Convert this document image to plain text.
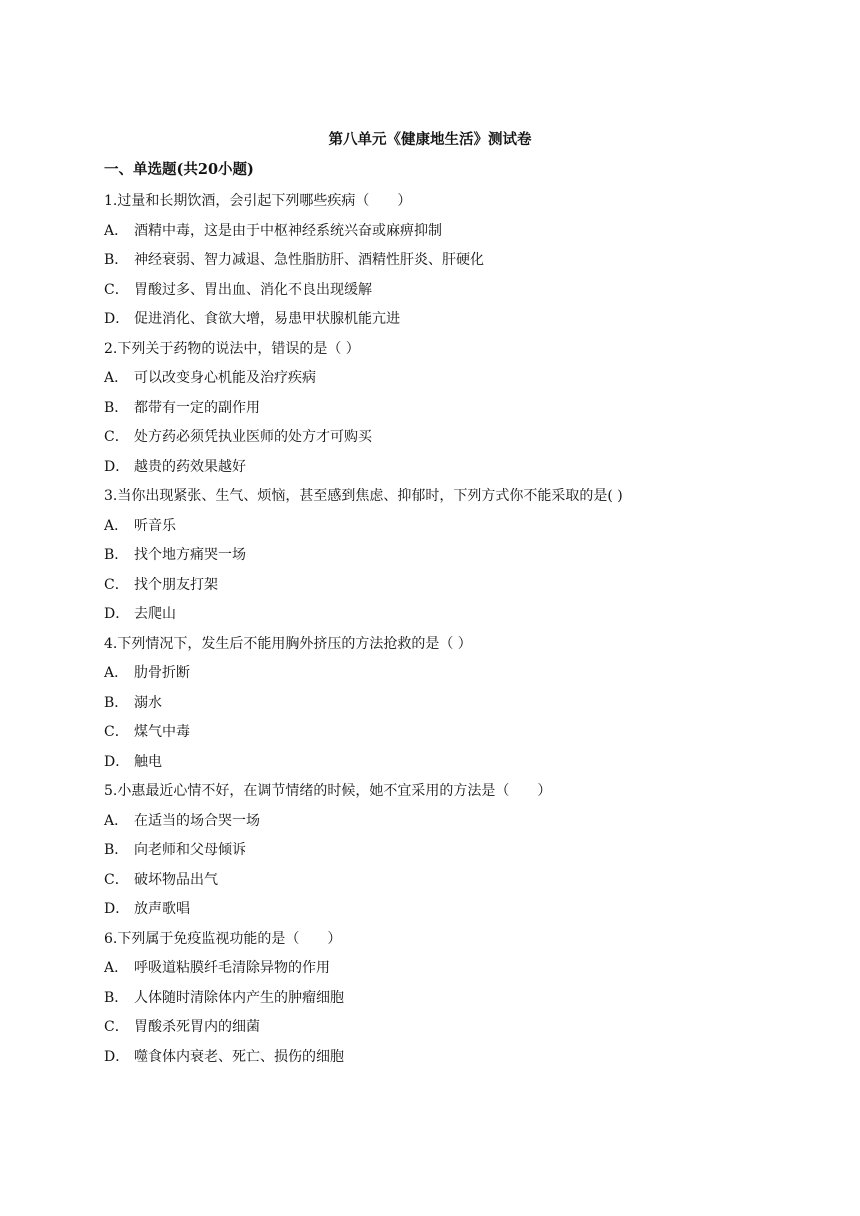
第八单元《健康地生活》测试卷
一、单选题(共20小题)
1.过量和长期饮酒，会引起下列哪些疾病（　　）
A． 酒精中毒，这是由于中枢神经系统兴奋或麻痹抑制
B． 神经衰弱、智力减退、急性脂肪肝、酒精性肝炎、肝硬化
C． 胃酸过多、胃出血、消化不良出现缓解
D． 促进消化、食欲大增，易患甲状腺机能亢进
2.下列关于药物的说法中，错误的是（ ）
A． 可以改变身心机能及治疗疾病
B． 都带有一定的副作用
C． 处方药必须凭执业医师的处方才可购买
D． 越贵的药效果越好
3.当你出现紧张、生气、烦恼，甚至感到焦虑、抑郁时，下列方式你不能采取的是( )
A． 听音乐
B． 找个地方痛哭一场
C． 找个朋友打架
D． 去爬山
4.下列情况下，发生后不能用胸外挤压的方法抢救的是（ ）
A． 肋骨折断
B． 溺水
C． 煤气中毒
D． 触电
5.小惠最近心情不好，在调节情绪的时候，她不宜采用的方法是（　　）
A． 在适当的场合哭一场
B． 向老师和父母倾诉
C． 破坏物品出气
D． 放声歌唱
6.下列属于免疫监视功能的是（　　）
A． 呼吸道粘膜纤毛清除异物的作用
B． 人体随时清除体内产生的肿瘤细胞
C． 胃酸杀死胃内的细菌
D． 噬食体内衰老、死亡、损伤的细胞
